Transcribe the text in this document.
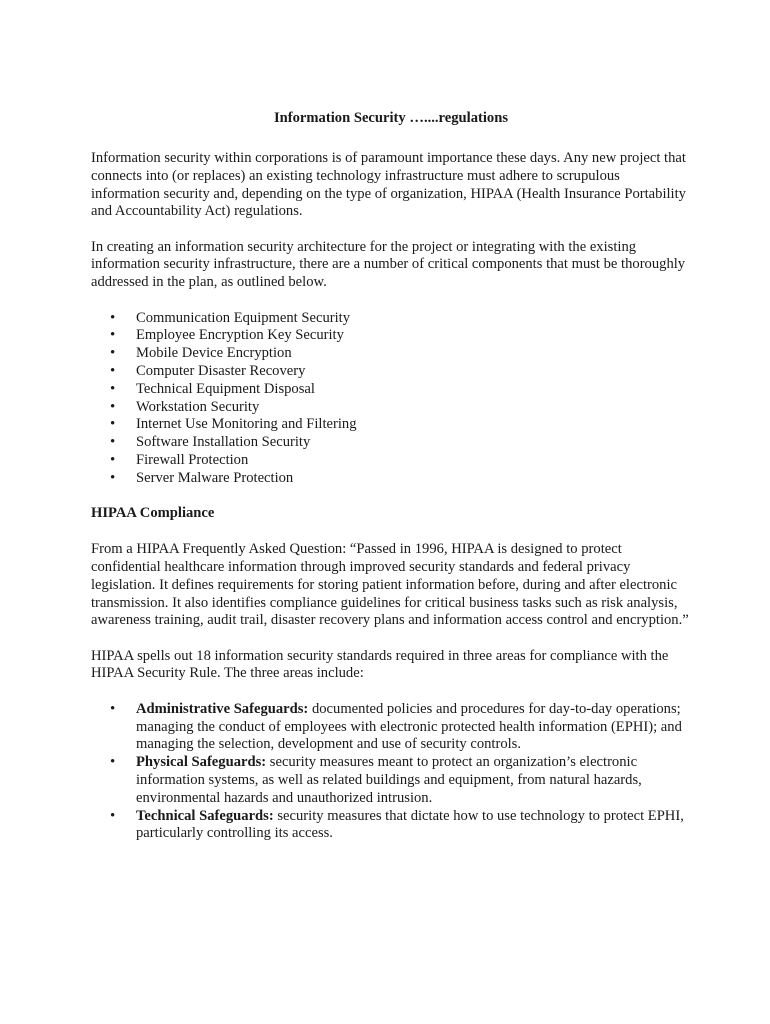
Information Security …....regulations

Information security within corporations is of paramount importance these days. Any new project that connects into (or replaces) an existing technology infrastructure must adhere to scrupulous information security and, depending on the type of organization, HIPAA (Health Insurance Portability and Accountability Act) regulations.

In creating an information security architecture for the project or integrating with the existing information security infrastructure, there are a number of critical components that must be thoroughly addressed in the plan, as outlined below.

• Communication Equipment Security
• Employee Encryption Key Security
• Mobile Device Encryption
• Computer Disaster Recovery
• Technical Equipment Disposal
• Workstation Security
• Internet Use Monitoring and Filtering
• Software Installation Security
• Firewall Protection
• Server Malware Protection
HIPAA Compliance

From a HIPAA Frequently Asked Question: “Passed in 1996, HIPAA is designed to protect confidential healthcare information through improved security standards and federal privacy legislation. It defines requirements for storing patient information before, during and after electronic transmission. It also identifies compliance guidelines for critical business tasks such as risk analysis, awareness training, audit trail, disaster recovery plans and information access control and encryption.”

HIPAA spells out 18 information security standards required in three areas for compliance with the HIPAA Security Rule. The three areas include:

• Administrative Safeguards: documented policies and procedures for day-to-day operations; managing the conduct of employees with electronic protected health information (EPHI); and managing the selection, development and use of security controls.
• Physical Safeguards: security measures meant to protect an organization’s electronic information systems, as well as related buildings and equipment, from natural hazards, environmental hazards and unauthorized intrusion.
• Technical Safeguards: security measures that dictate how to use technology to protect EPHI, particularly controlling its access.
